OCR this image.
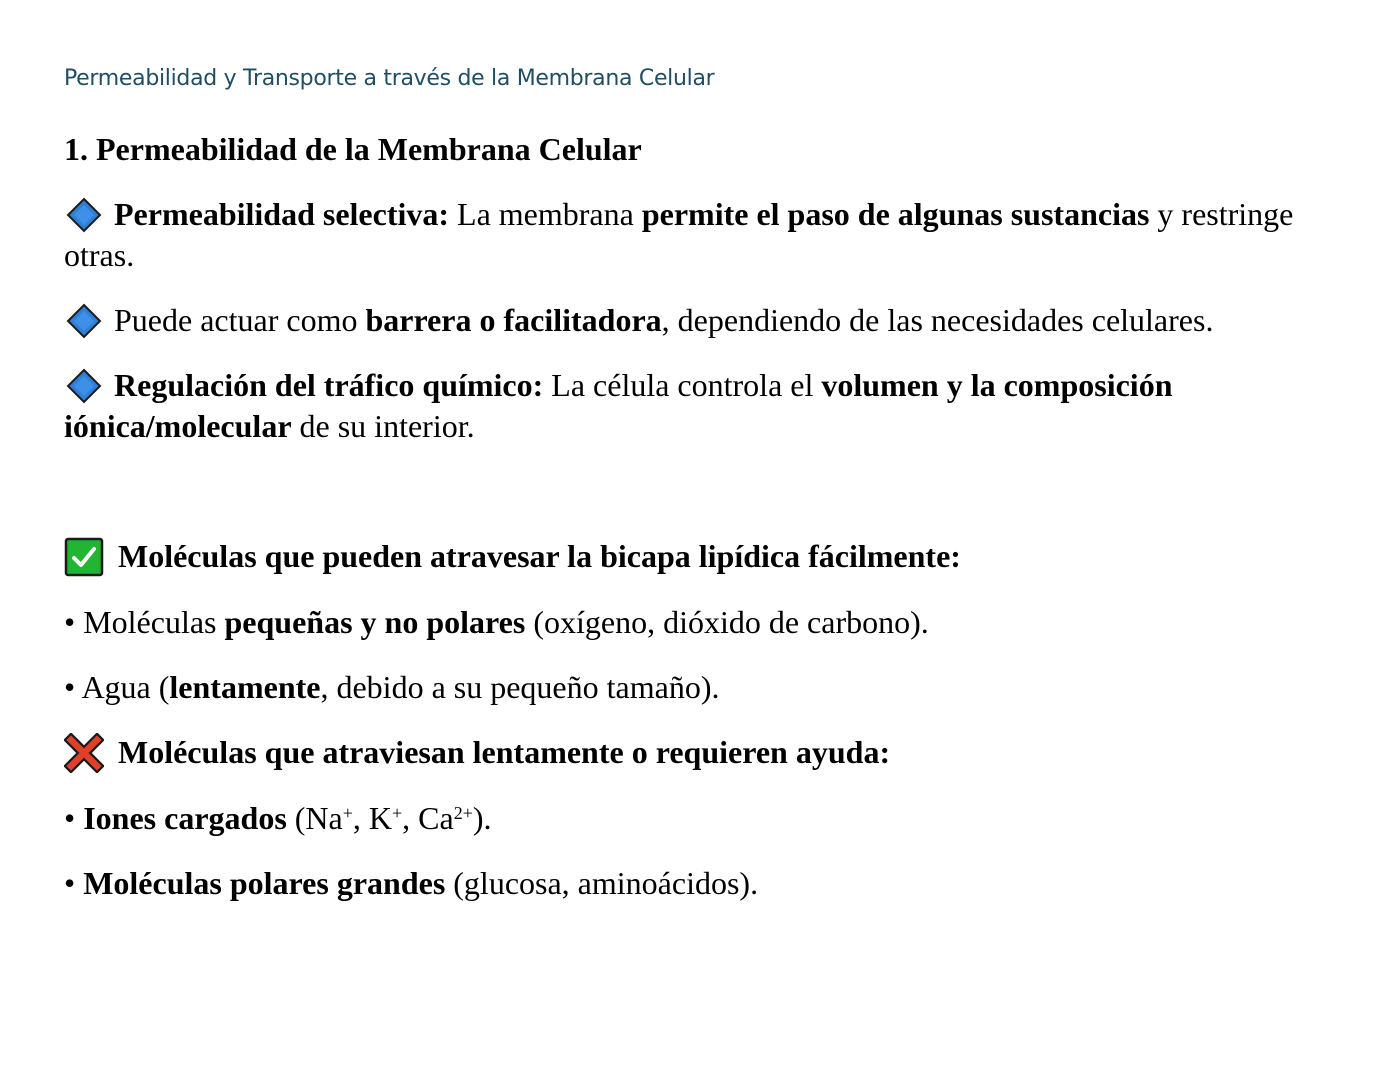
Permeabilidad y Transporte a través de la Membrana Celular
1. Permeabilidad de la Membrana Celular
Permeabilidad selectiva: La membrana permite el paso de algunas sustancias y restringe otras.
Puede actuar como barrera o facilitadora, dependiendo de las necesidades celulares.
Regulación del tráfico químico: La célula controla el volumen y la composición iónica/molecular de su interior.
Moléculas que pueden atravesar la bicapa lipídica fácilmente:
• Moléculas pequeñas y no polares (oxígeno, dióxido de carbono).
• Agua (lentamente, debido a su pequeño tamaño).
Moléculas que atraviesan lentamente o requieren ayuda:
• Iones cargados (Na+, K+, $Ca^{2+}$).
• Moléculas polares grandes (glucosa, aminoácidos).
